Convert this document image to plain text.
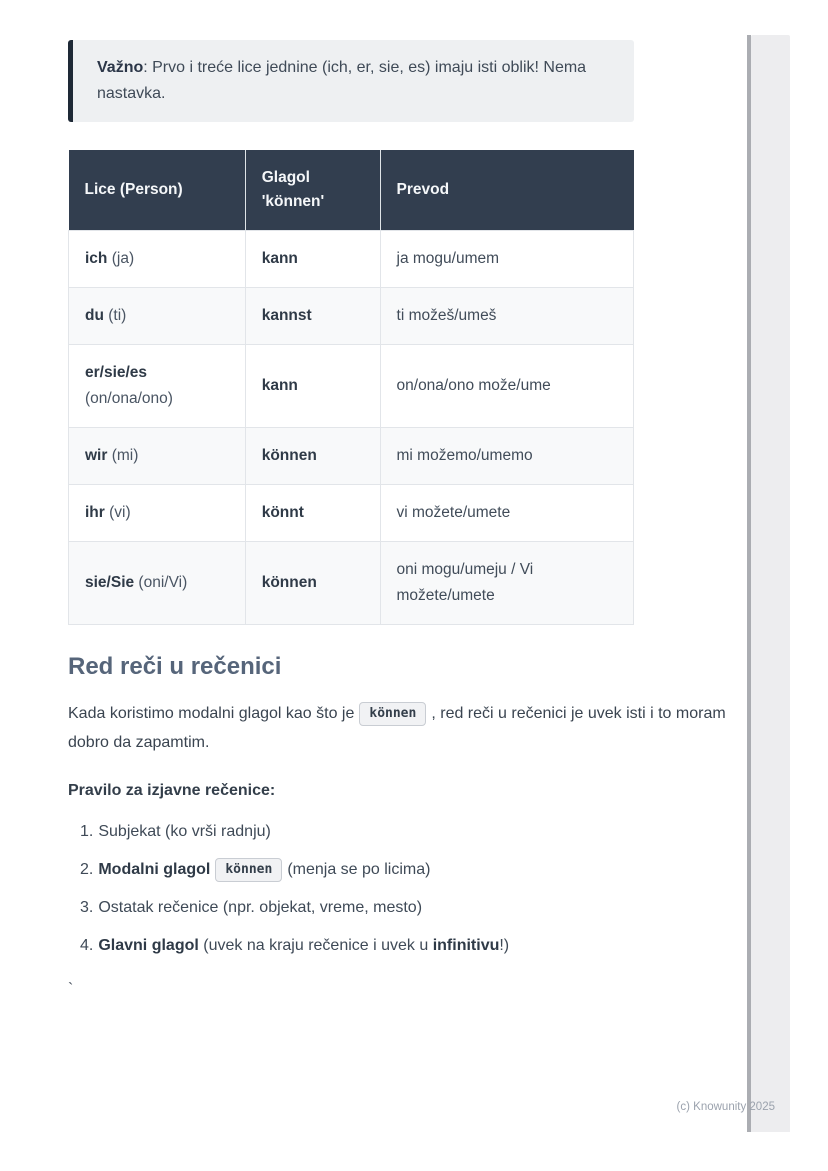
Važno: Prvo i treće lice jednine (ich, er, sie, es) imaju isti oblik! Nema nastavka.

Lice (Person)	Glagol 'können'	Prevod
ich (ja)	kann	ja mogu/umem
du (ti)	kannst	ti možeš/umeš
er/sie/es (on/ona/ono)	kann	on/ona/ono može/ume
wir (mi)	können	mi možemo/umemo
ihr (vi)	könnt	vi možete/umete
sie/Sie (oni/Vi)	können	oni mogu/umeju / Vi možete/umete
Red reči u rečenici

Kada koristimo modalni glagol kao što je können , red reči u rečenici je uvek isti i to moram dobro da zapamtim.

Pravilo za izjavne rečenice:

1. Subjekat (ko vrši radnju)
2. Modalni glagol können (menja se po licima)
3. Ostatak rečenice (npr. objekat, vreme, mesto)
4. Glavni glagol (uvek na kraju rečenice i uvek u infinitivu!)

`

(c) Knowunity 2025
